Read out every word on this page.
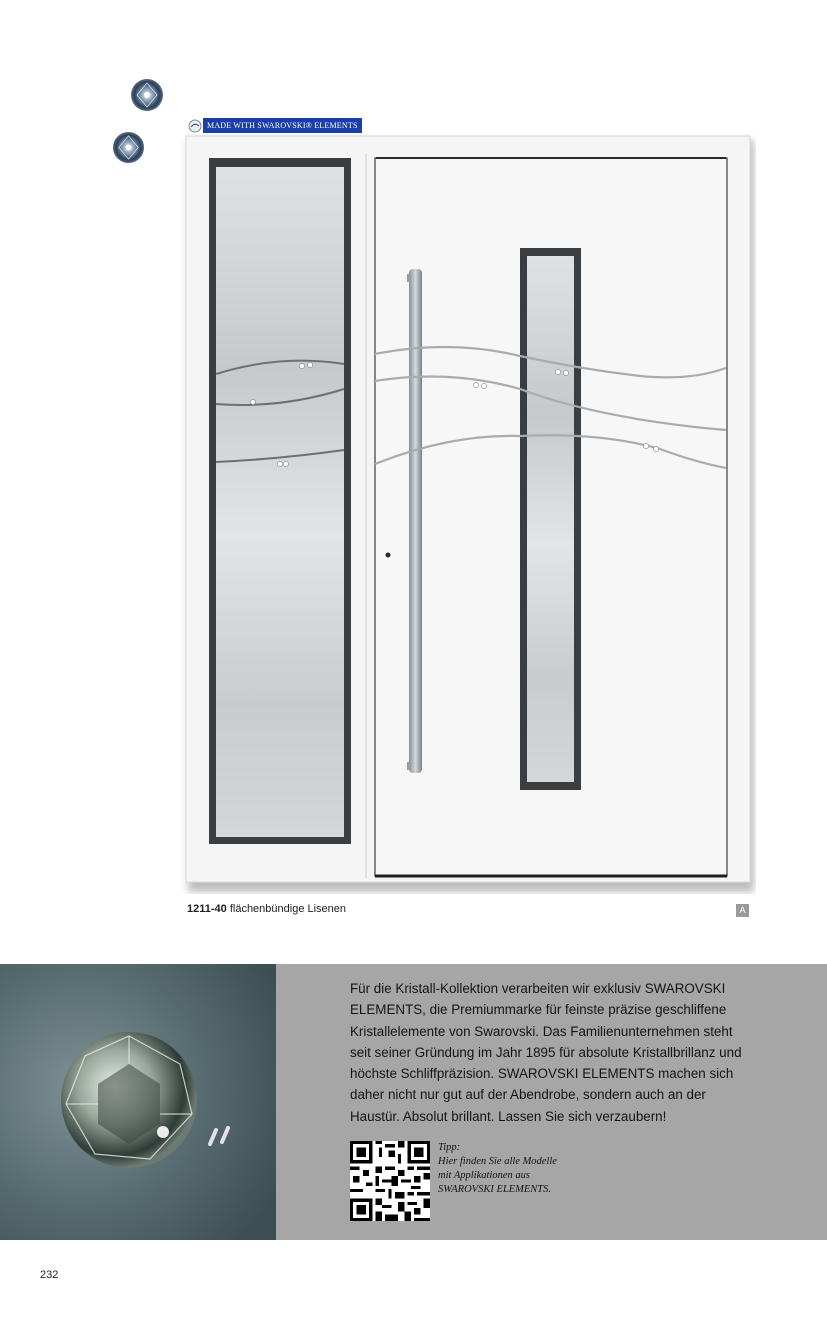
MADE WITH SWAROVSKI® ELEMENTS
1211-40 flächenbündige Lisenen	A

Für die Kristall-Kollektion verarbeiten wir exklusiv SWAROVSKI ELEMENTS, die Premiummarke für feinste präzise geschliffene Kristallelemente von Swarovski. Das Familienunternehmen steht seit seiner Gründung im Jahr 1895 für absolute Kristallbrillanz und höchste Schliffpräzision. SWAROVSKI ELEMENTS machen sich daher nicht nur gut auf der Abendrobe, sondern auch an der Haustür. Absolut brillant. Lassen Sie sich verzaubern!

Tipp:
Hier finden Sie alle Modelle
mit Applikationen aus
SWAROVSKI ELEMENTS.
232
